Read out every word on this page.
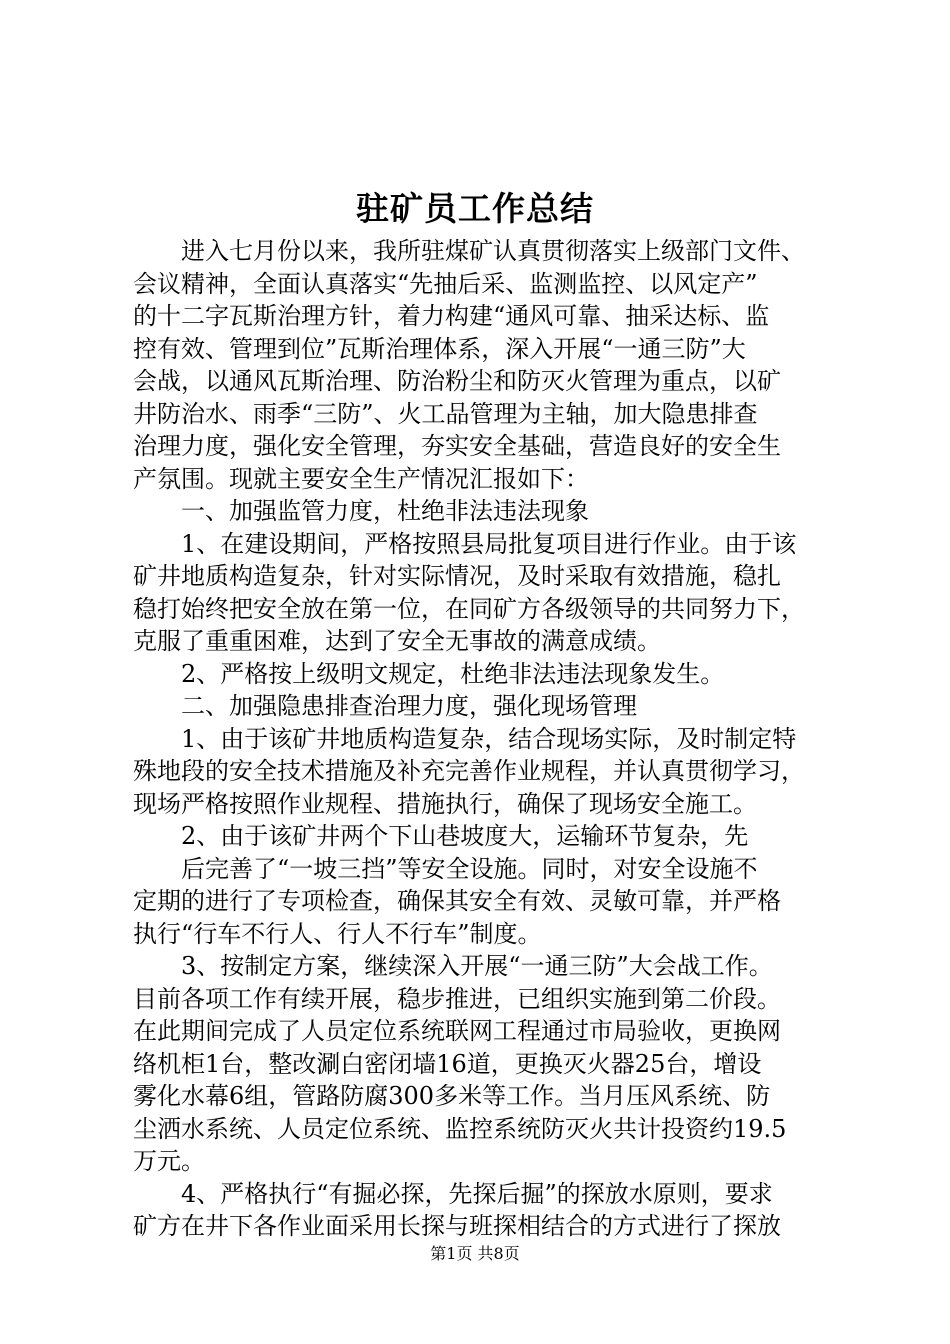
驻矿员工作总结
进入七月份以来，我所驻煤矿认真贯彻落实上级部门文件、
会议精神，全面认真落实“先抽后采、监测监控、以风定产”
的十二字瓦斯治理方针，着力构建“通风可靠、抽采达标、监
控有效、管理到位”瓦斯治理体系，深入开展“一通三防”大
会战，以通风瓦斯治理、防治粉尘和防灭火管理为重点，以矿
井防治水、雨季“三防”、火工品管理为主轴，加大隐患排查
治理力度，强化安全管理，夯实安全基础，营造良好的安全生
产氛围。现就主要安全生产情况汇报如下：
一、加强监管力度，杜绝非法违法现象
1、在建设期间，严格按照县局批复项目进行作业。由于该
矿井地质构造复杂，针对实际情况，及时采取有效措施，稳扎
稳打始终把安全放在第一位，在同矿方各级领导的共同努力下，
克服了重重困难，达到了安全无事故的满意成绩。
2、严格按上级明文规定，杜绝非法违法现象发生。
二、加强隐患排查治理力度，强化现场管理
1、由于该矿井地质构造复杂，结合现场实际，及时制定特
殊地段的安全技术措施及补充完善作业规程，并认真贯彻学习，
现场严格按照作业规程、措施执行，确保了现场安全施工。
2、由于该矿井两个下山巷坡度大，运输环节复杂，先
后完善了“一坡三挡”等安全设施。同时，对安全设施不
定期的进行了专项检查，确保其安全有效、灵敏可靠，并严格
执行“行车不行人、行人不行车”制度。
3、按制定方案，继续深入开展“一通三防”大会战工作。
目前各项工作有续开展，稳步推进，已组织实施到第二价段。
在此期间完成了人员定位系统联网工程通过市局验收，更换网
络机柜1台，整改涮白密闭墙16道，更换灭火器25台，增设
雾化水幕6组，管路防腐300多米等工作。当月压风系统、防
尘洒水系统、人员定位系统、监控系统防灭火共计投资约19.5
万元。
4、严格执行“有掘必探，先探后掘”的探放水原则，要求
矿方在井下各作业面采用长探与班探相结合的方式进行了探放
第1页 共8页
